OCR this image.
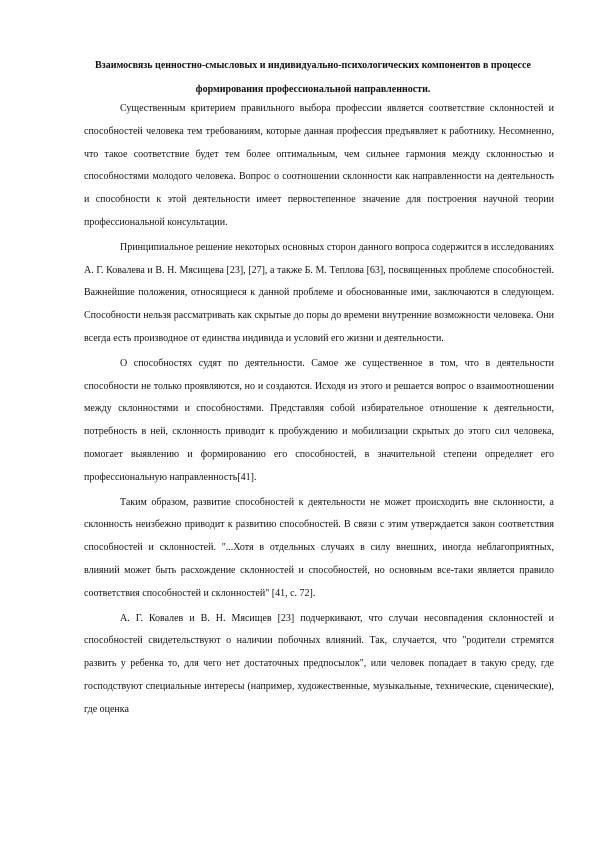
Взаимосвязь ценностно-смысловых и индивидуально-психологических компонентов в процессе формирования профессиональной направленности.

Существенным критерием правильного выбора профессии является соответствие склонностей и способностей человека тем требованиям, которые данная профессия предъявляет к работнику. Несомненно, что такое соответствие будет тем более оптимальным, чем сильнее гармония между склонностью и способностями молодого человека. Вопрос о соотношении склонности как направленности на деятельность и способности к этой деятельности имеет первостепенное значение для построения научной теории профессиональной консультации.

Принципиальное решение некоторых основных сторон данного вопроса содержится в исследованиях А. Г. Ковалева и В. Н. Мясищева [23], [27], а также Б. М. Теплова [63], посвященных проблеме способностей. Важнейшие положения, относящиеся к данной проблеме и обоснованные ими, заключаются в следующем. Способности нельзя рассматривать как скрытые до поры до времени внутренние возможности человека. Они всегда есть производное от единства индивида и условий его жизни и деятельности.

О способностях судят по деятельности. Самое же существенное в том, что в деятельности способности не только проявляются, но и создаются. Исходя из этого и решается вопрос о взаимоотношении между склонностями и способностями. Представляя собой избирательное отношение к деятельности, потребность в ней, склонность приводит к пробуждению и мобилизации скрытых до этого сил человека, помогает выявлению и формированию его способностей, в значительной степени определяет его профессиональную направленность[41].

Таким образом, развитие способностей к деятельности не может происходить вне склонности, а склонность неизбежно приводит к развитию способностей. В связи с этим утверждается закон соответствия способностей и склонностей. "...Хотя в отдельных случаях в силу внешних, иногда неблагоприятных, влияний может быть расхождение склонностей и способностей, но основным все-таки является правило соответствия способностей и склонностей" [41, с. 72].

А. Г. Ковалев и В. Н. Мясищев [23] подчеркивают, что случаи несовпадения склонностей и способностей свидетельствуют о наличии побочных влияний. Так, случается, что "родители стремятся развить у ребенка то, для чего нет достаточных предпосылок", или человек попадает в такую среду, где господствуют специальные интересы (например, художественные, музыкальные, технические, сценические), где оценка
